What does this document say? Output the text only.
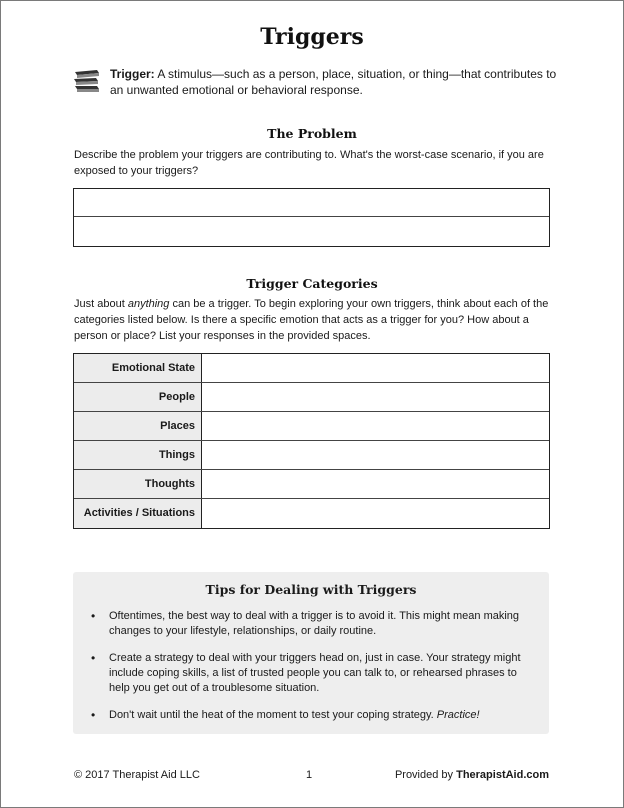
Triggers
Trigger: A stimulus—such as a person, place, situation, or thing—that contributes to an unwanted emotional or behavioral response.
The Problem
Describe the problem your triggers are contributing to. What's the worst-case scenario, if you are exposed to your triggers?
Trigger Categories
Just about anything can be a trigger. To begin exploring your own triggers, think about each of the categories listed below. Is there a specific emotion that acts as a trigger for you? How about a person or place? List your responses in the provided spaces.
Emotional State
People
Places
Things
Thoughts
Activities / Situations
Tips for Dealing with Triggers
• Oftentimes, the best way to deal with a trigger is to avoid it. This might mean making changes to your lifestyle, relationships, or daily routine.
• Create a strategy to deal with your triggers head on, just in case. Your strategy might include coping skills, a list of trusted people you can talk to, or rehearsed phrases to help you get out of a troublesome situation.
• Don't wait until the heat of the moment to test your coping strategy. Practice!
© 2017 Therapist Aid LLC	1	Provided by TherapistAid.com
